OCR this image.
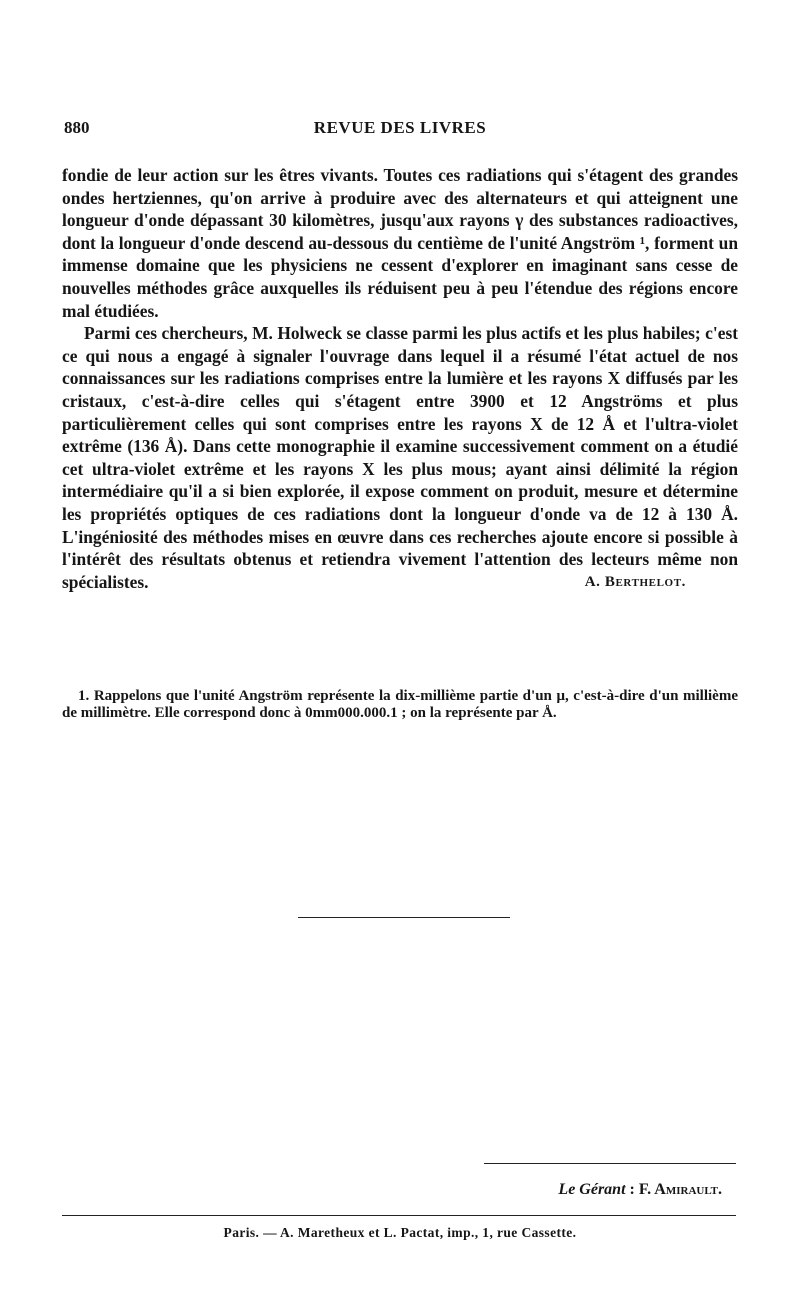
880	REVUE DES LIVRES

fondie de leur action sur les êtres vivants. Toutes ces radiations qui s'étagent des grandes ondes hertziennes, qu'on arrive à produire avec des alternateurs et qui atteignent une longueur d'onde dépassant 30 kilomètres, jusqu'aux rayons γ des substances radioactives, dont la longueur d'onde descend au-dessous du centième de l'unité Angström ¹, forment un immense domaine que les physiciens ne cessent d'explorer en imaginant sans cesse de nouvelles méthodes grâce auxquelles ils réduisent peu à peu l'étendue des régions encore mal étudiées.

Parmi ces chercheurs, M. Holweck se classe parmi les plus actifs et les plus habiles; c'est ce qui nous a engagé à signaler l'ouvrage dans lequel il a résumé l'état actuel de nos connaissances sur les radiations comprises entre la lumière et les rayons X diffusés par les cristaux, c'est-à-dire celles qui s'étagent entre 3900 et 12 Angströms et plus particulièrement celles qui sont comprises entre les rayons X de 12 Å et l'ultra-violet extrême (136 Å). Dans cette monographie il examine successivement comment on a étudié cet ultra-violet extrême et les rayons X les plus mous; ayant ainsi délimité la région intermédiaire qu'il a si bien explorée, il expose comment on produit, mesure et détermine les propriétés optiques de ces radiations dont la longueur d'onde va de 12 à 130 Å. L'ingéniosité des méthodes mises en œuvre dans ces recherches ajoute encore si possible à l'intérêt des résultats obtenus et retiendra vivement l'attention des lecteurs même non spécialistes.	A. Berthelot.
1. Rappelons que l'unité Angström représente la dix-millième partie d'un μ, c'est-à-dire d'un millième de millimètre. Elle correspond donc à 0mm000.000.1 ; on la représente par Å.
Le Gérant : F. Amirault.
Paris. — A. Maretheux et L. Pactat, imp., 1, rue Cassette.
